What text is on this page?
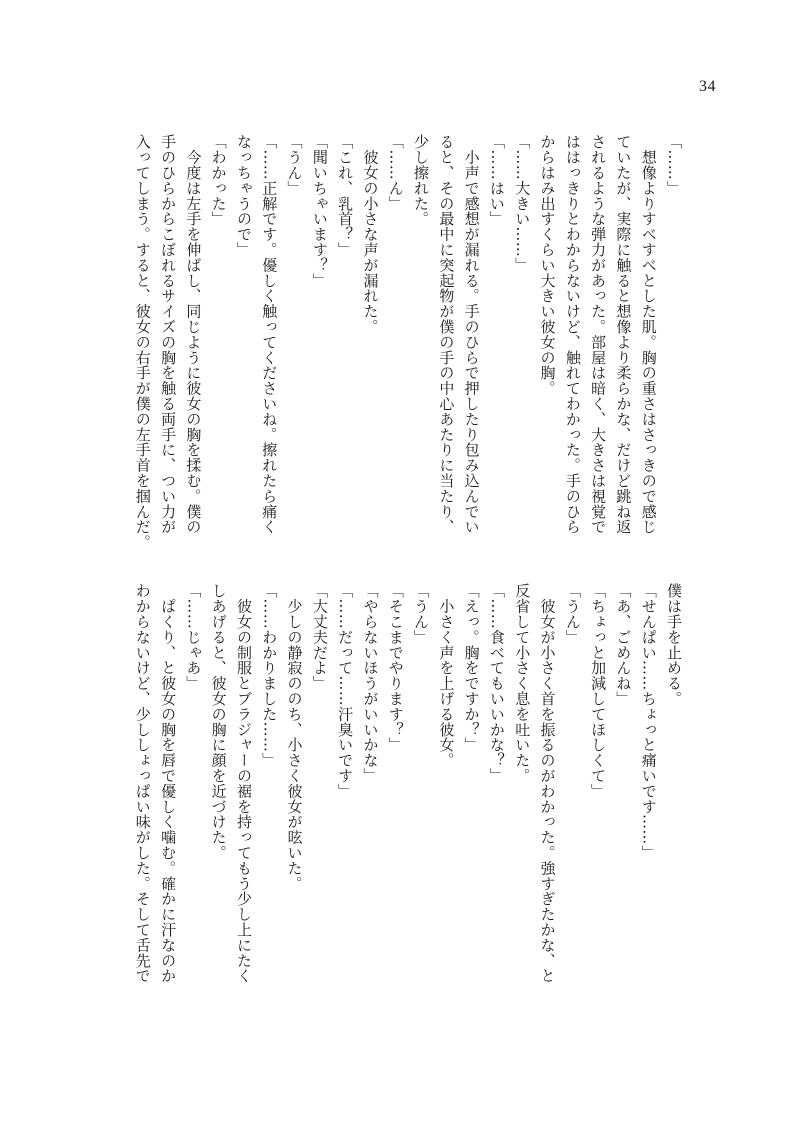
34
「……」
　想像よりすべすべとした肌。胸の重さはさっきので感じ
ていたが、実際に触ると想像より柔らかな、だけど跳ね返
されるような弾力があった。部屋は暗く、大きさは視覚で
ははっきりとわからないけど、触れてわかった。手のひら
からはみ出すくらい大きい彼女の胸。
「……大きい……」
「……はい」
　小声で感想が漏れる。手のひらで押したり包み込んでい
ると、その最中に突起物が僕の手の中心あたりに当たり、
少し擦れた。
「……ん」
　彼女の小さな声が漏れた。
「これ、乳首？」
「聞いちゃいます？」
「うん」
「……正解です。優しく触ってくださいね。擦れたら痛く
なっちゃうので」
「わかった」
　今度は左手を伸ばし、同じように彼女の胸を揉む。僕の
手のひらからこぼれるサイズの胸を触る両手に、つい力が
入ってしまう。すると、彼女の右手が僕の左手首を掴んだ。
僕は手を止める。
「せんぱい……ちょっと痛いです……」
「あ、ごめんね」
「ちょっと加減してほしくて」
「うん」
　彼女が小さく首を振るのがわかった。強すぎたかな、と
反省して小さく息を吐いた。
「……食べてもいいかな？」
「えっ。胸をですか？」
　小さく声を上げる彼女。
「うん」
「そこまでやります？」
「やらないほうがいいかな」
「……だって……汗臭いです」
「大丈夫だよ」
　少しの静寂ののち、小さく彼女が呟いた。
「……わかりました……」
　彼女の制服とブラジャーの裾を持ってもう少し上にたく
しあげると、彼女の胸に顔を近づけた。
「……じゃあ」
　ぱくり、と彼女の胸を唇で優しく噛む。確かに汗なのか
わからないけど、少ししょっぱい味がした。そして舌先で
